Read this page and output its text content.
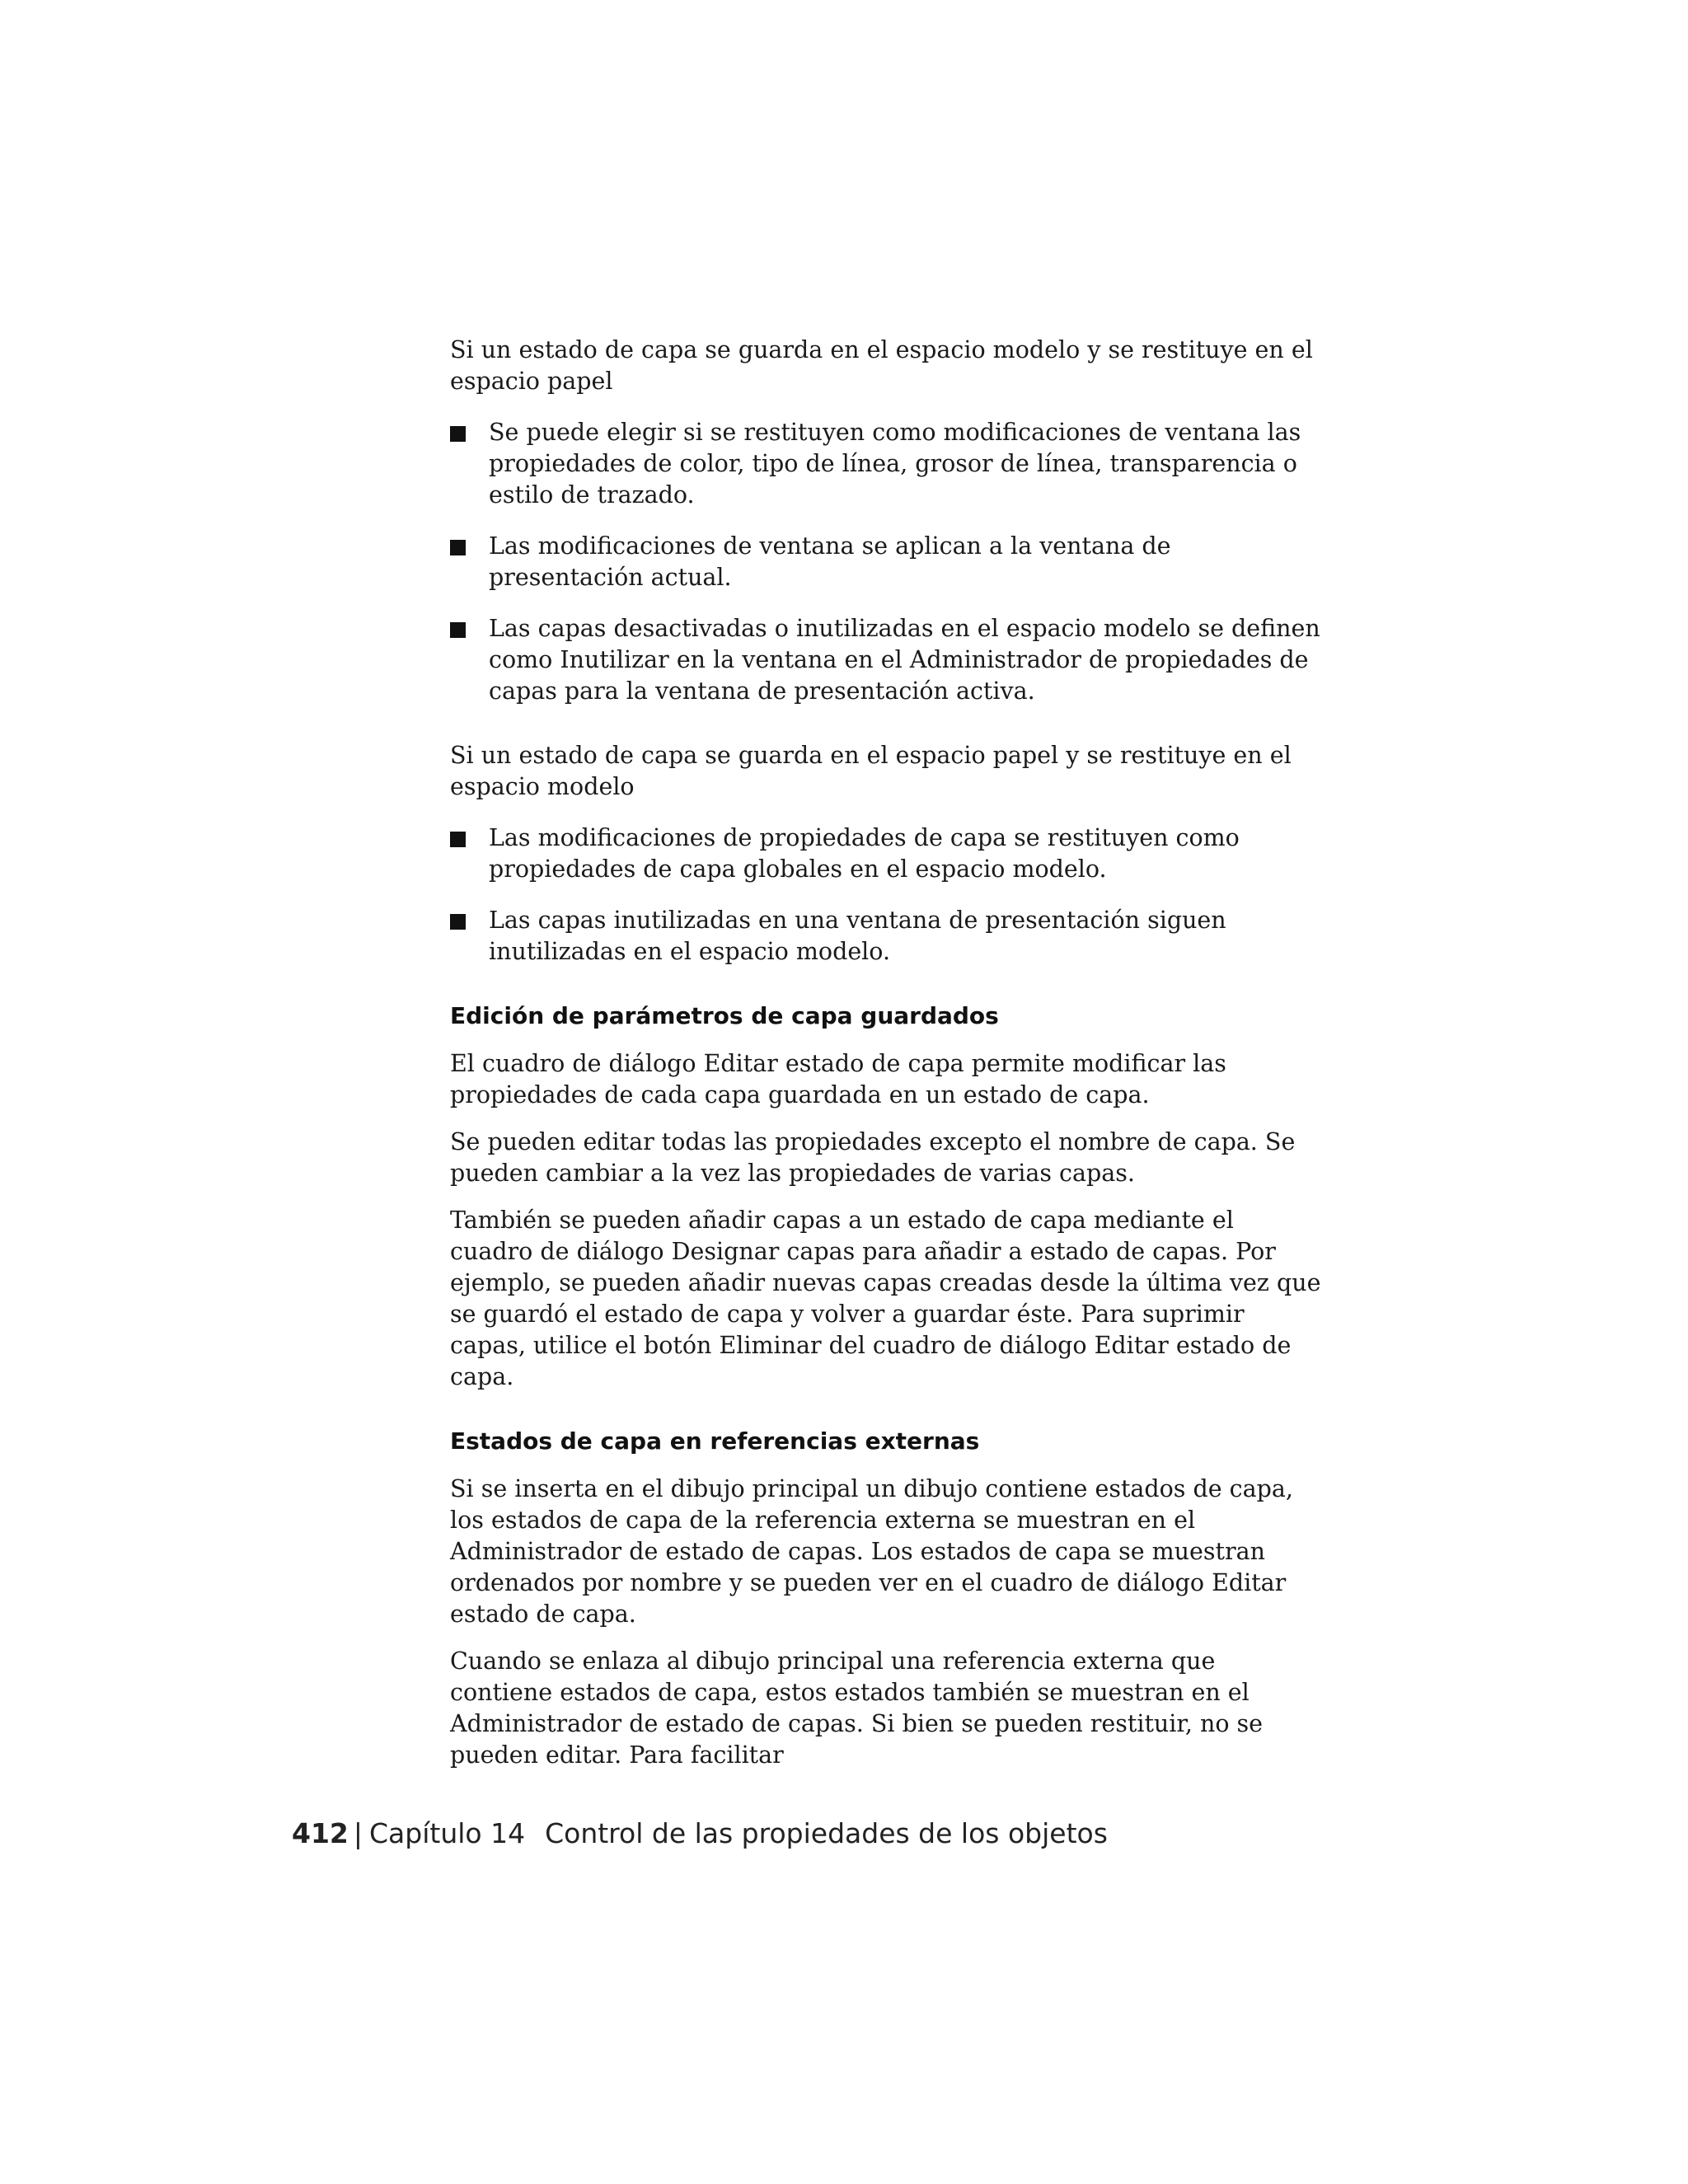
Si un estado de capa se guarda en el espacio modelo y se restituye en el espacio papel

Se puede elegir si se restituyen como modificaciones de ventana las propiedades de color, tipo de línea, grosor de línea, transparencia o estilo de trazado.
Las modificaciones de ventana se aplican a la ventana de presentación actual.
Las capas desactivadas o inutilizadas en el espacio modelo se definen como Inutilizar en la ventana en el Administrador de propiedades de capas para la ventana de presentación activa.

Si un estado de capa se guarda en el espacio papel y se restituye en el espacio modelo

Las modificaciones de propiedades de capa se restituyen como propiedades de capa globales en el espacio modelo.
Las capas inutilizadas en una ventana de presentación siguen inutilizadas en el espacio modelo.
Edición de parámetros de capa guardados

El cuadro de diálogo Editar estado de capa permite modificar las propiedades de cada capa guardada en un estado de capa.

Se pueden editar todas las propiedades excepto el nombre de capa. Se pueden cambiar a la vez las propiedades de varias capas.

También se pueden añadir capas a un estado de capa mediante el cuadro de diálogo Designar capas para añadir a estado de capas. Por ejemplo, se pueden añadir nuevas capas creadas desde la última vez que se guardó el estado de capa y volver a guardar éste. Para suprimir capas, utilice el botón Eliminar del cuadro de diálogo Editar estado de capa.

Estados de capa en referencias externas

Si se inserta en el dibujo principal un dibujo contiene estados de capa, los estados de capa de la referencia externa se muestran en el Administrador de estado de capas. Los estados de capa se muestran ordenados por nombre y se pueden ver en el cuadro de diálogo Editar estado de capa.

Cuando se enlaza al dibujo principal una referencia externa que contiene estados de capa, estos estados también se muestran en el Administrador de estado de capas. Si bien se pueden restituir, no se pueden editar. Para facilitar

412 | Capítulo 14 Control de las propiedades de los objetos
